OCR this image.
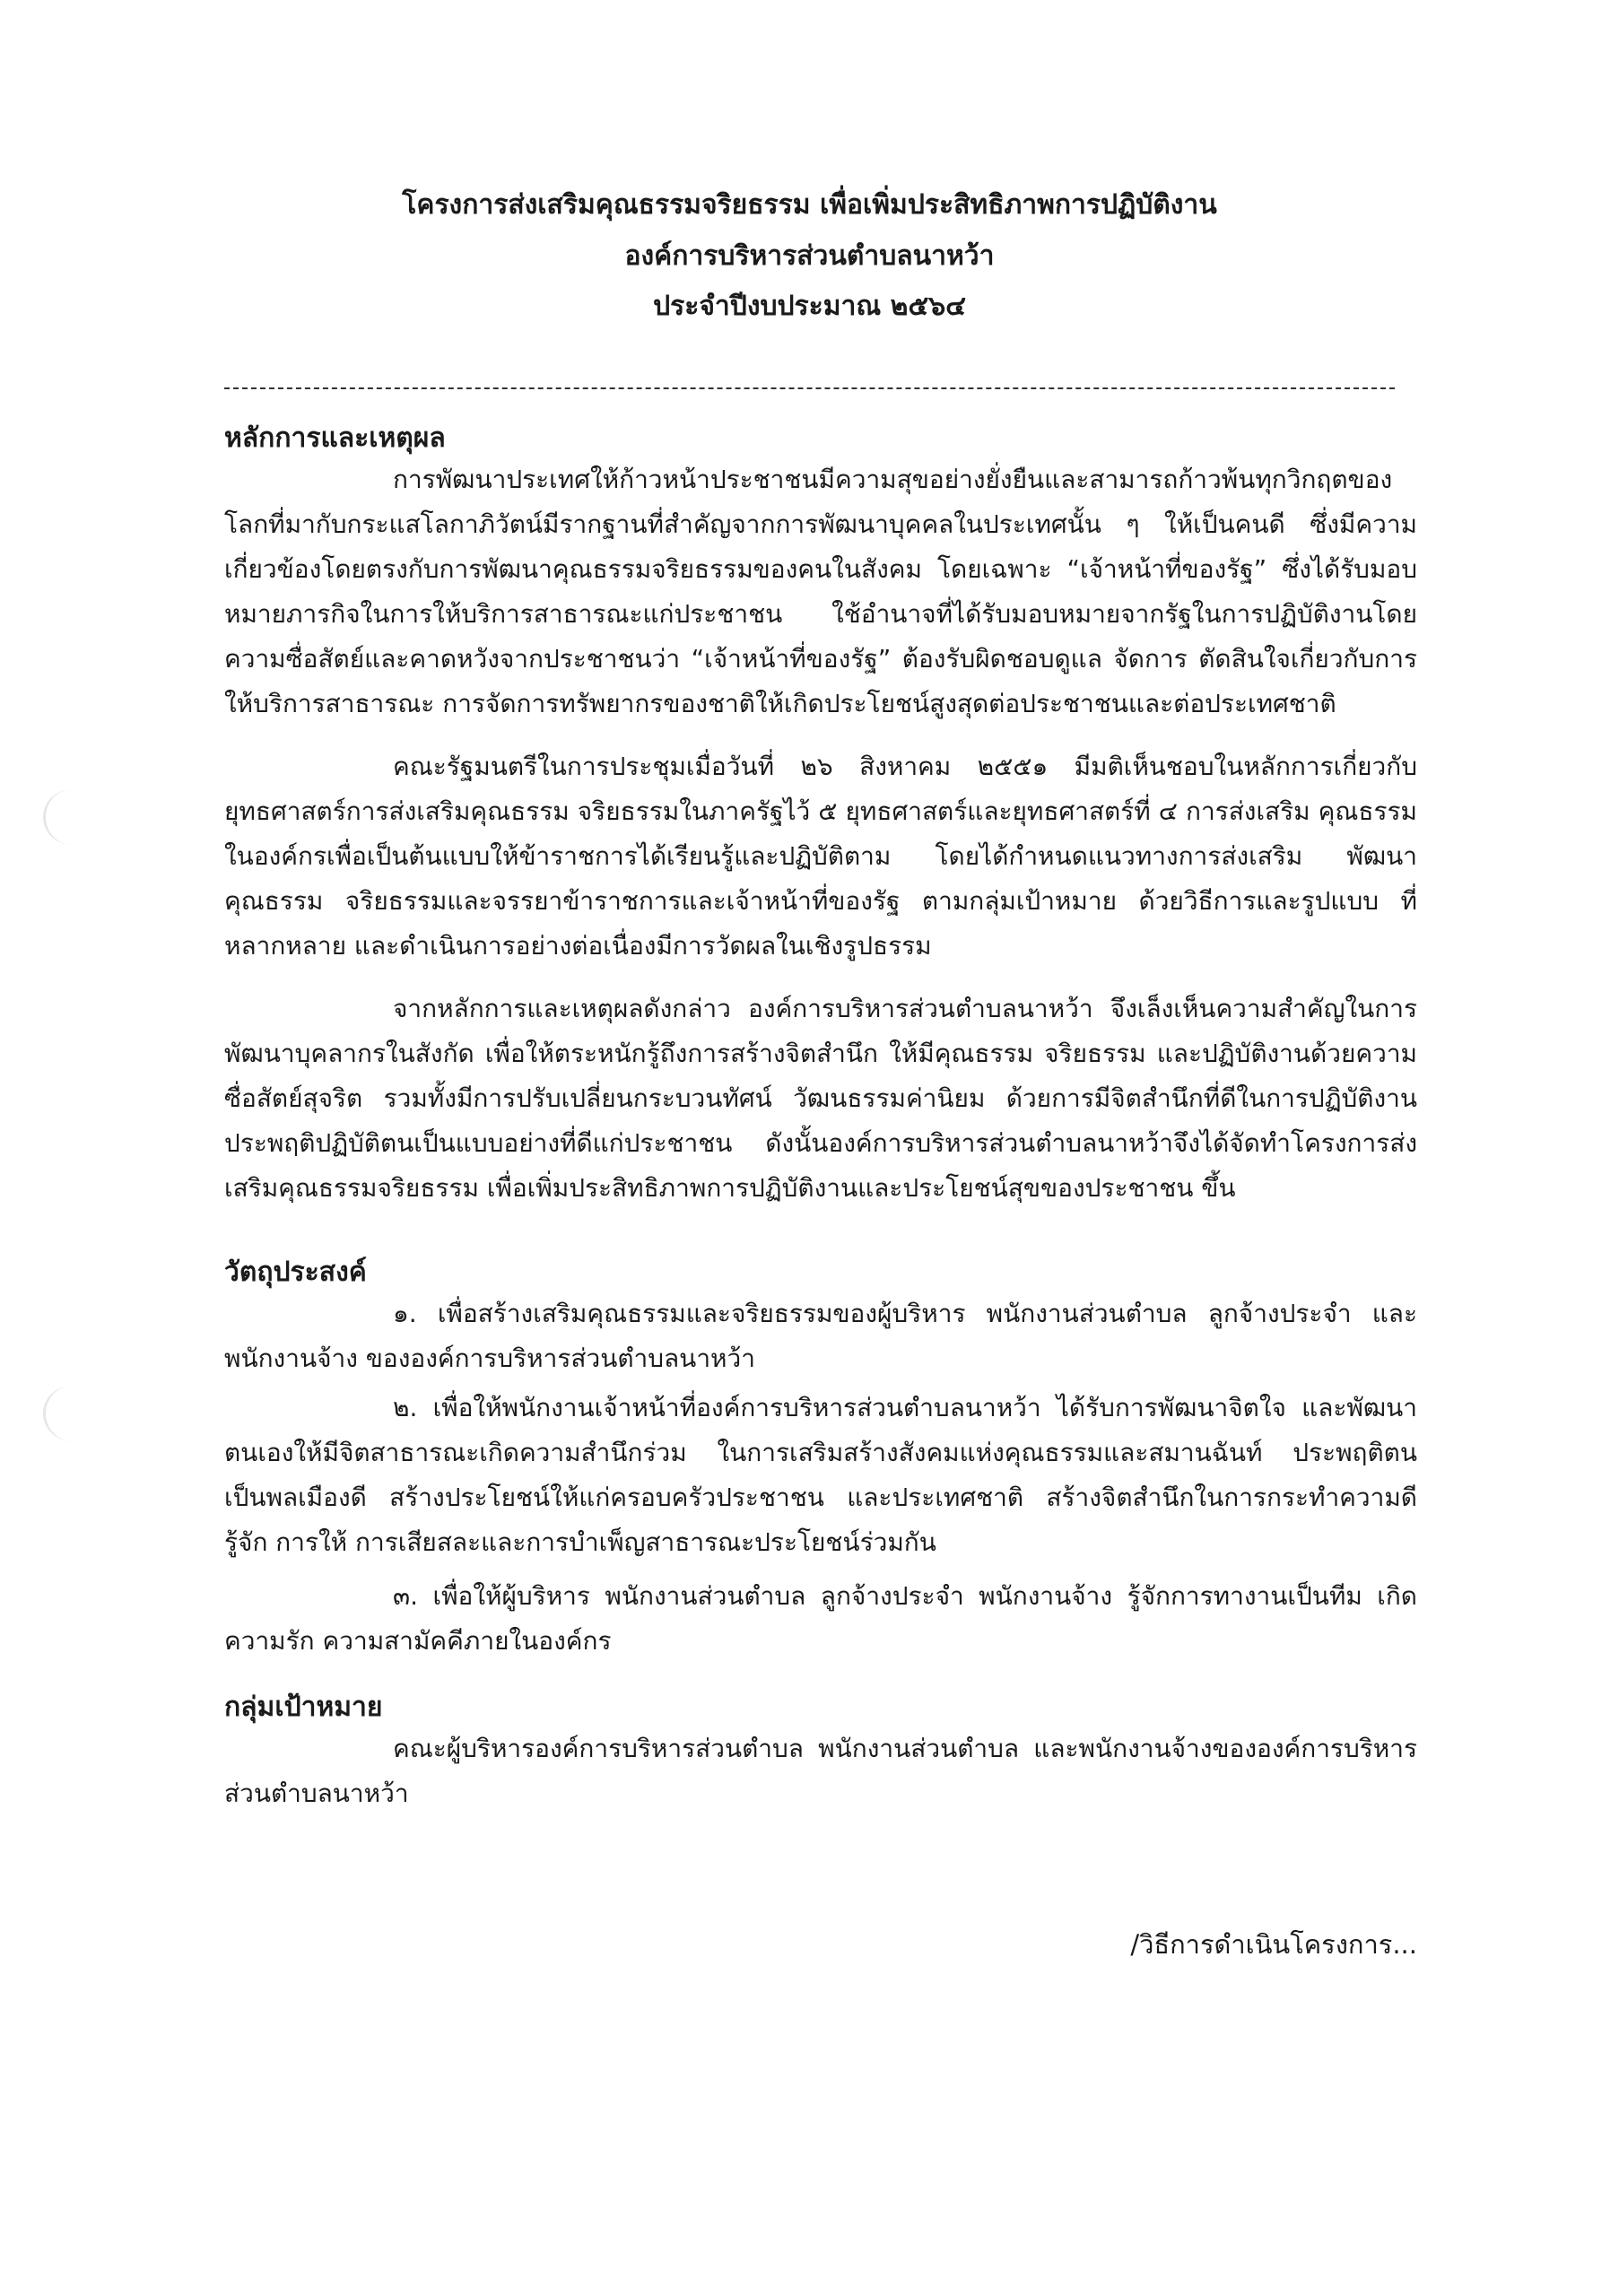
โครงการส่งเสริมคุณธรรมจริยธรรม เพื่อเพิ่มประสิทธิภาพการปฏิบัติงาน
องค์การบริหารส่วนตำบลนาหว้า
ประจำปีงบประมาณ ๒๕๖๔
หลักการและเหตุผล
การพัฒนาประเทศให้ก้าวหน้าประชาชนมีความสุขอย่างยั่งยืนและสามารถก้าวพ้นทุกวิกฤตของโลกที่มากับกระแสโลกาภิวัตน์มีรากฐานที่สำคัญจากการพัฒนาบุคคลในประเทศนั้น ๆ ให้เป็นคนดี ซึ่งมีความเกี่ยวข้องโดยตรงกับการพัฒนาคุณธรรมจริยธรรมของคนในสังคม โดยเฉพาะ “เจ้าหน้าที่ของรัฐ” ซึ่งได้รับมอบหมายภารกิจในการให้บริการสาธารณะแก่ประชาชน ใช้อำนาจที่ได้รับมอบหมายจากรัฐในการปฏิบัติงานโดยความซื่อสัตย์และคาดหวังจากประชาชนว่า “เจ้าหน้าที่ของรัฐ” ต้องรับผิดชอบดูแล จัดการ ตัดสินใจเกี่ยวกับการให้บริการสาธารณะ การจัดการทรัพยากรของชาติให้เกิดประโยชน์สูงสุดต่อประชาชนและต่อประเทศชาติ
คณะรัฐมนตรีในการประชุมเมื่อวันที่ ๒๖ สิงหาคม ๒๕๕๑ มีมติเห็นชอบในหลักการเกี่ยวกับยุทธศาสตร์การส่งเสริมคุณธรรม จริยธรรมในภาครัฐไว้ ๕ ยุทธศาสตร์และยุทธศาสตร์ที่ ๔ การส่งเสริม คุณธรรม ในองค์กรเพื่อเป็นต้นแบบให้ข้าราชการได้เรียนรู้และปฏิบัติตาม โดยได้กำหนดแนวทางการส่งเสริม พัฒนาคุณธรรม จริยธรรมและจรรยาข้าราชการและเจ้าหน้าที่ของรัฐ ตามกลุ่มเป้าหมาย ด้วยวิธีการและรูปแบบ ที่หลากหลาย และดำเนินการอย่างต่อเนื่องมีการวัดผลในเชิงรูปธรรม
จากหลักการและเหตุผลดังกล่าว องค์การบริหารส่วนตำบลนาหว้า จึงเล็งเห็นความสำคัญในการพัฒนาบุคลากรในสังกัด เพื่อให้ตระหนักรู้ถึงการสร้างจิตสำนึก ให้มีคุณธรรม จริยธรรม และปฏิบัติงานด้วยความซื่อสัตย์สุจริต รวมทั้งมีการปรับเปลี่ยนกระบวนทัศน์ วัฒนธรรมค่านิยม ด้วยการมีจิตสำนึกที่ดีในการปฏิบัติงาน ประพฤติปฏิบัติตนเป็นแบบอย่างที่ดีแก่ประชาชน ดังนั้นองค์การบริหารส่วนตำบลนาหว้าจึงได้จัดทำโครงการส่งเสริมคุณธรรมจริยธรรม เพื่อเพิ่มประสิทธิภาพการปฏิบัติงานและประโยชน์สุขของประชาชน ขึ้น
วัตถุประสงค์
๑. เพื่อสร้างเสริมคุณธรรมและจริยธรรมของผู้บริหาร พนักงานส่วนตำบล ลูกจ้างประจำ และพนักงานจ้าง ขององค์การบริหารส่วนตำบลนาหว้า
๒. เพื่อให้พนักงานเจ้าหน้าที่องค์การบริหารส่วนตำบลนาหว้า ได้รับการพัฒนาจิตใจ และพัฒนาตนเองให้มีจิตสาธารณะเกิดความสำนึกร่วม ในการเสริมสร้างสังคมแห่งคุณธรรมและสมานฉันท์ ประพฤติตน เป็นพลเมืองดี สร้างประโยชน์ให้แก่ครอบครัวประชาชน และประเทศชาติ สร้างจิตสำนึกในการกระทำความดี รู้จัก การให้ การเสียสละและการบำเพ็ญสาธารณะประโยชน์ร่วมกัน
๓. เพื่อให้ผู้บริหาร พนักงานส่วนตำบล ลูกจ้างประจำ พนักงานจ้าง รู้จักการทางานเป็นทีม เกิดความรัก ความสามัคคีภายในองค์กร
กลุ่มเป้าหมาย
คณะผู้บริหารองค์การบริหารส่วนตำบล พนักงานส่วนตำบล และพนักงานจ้างขององค์การบริหารส่วนตำบลนาหว้า
/วิธีการดำเนินโครงการ...
